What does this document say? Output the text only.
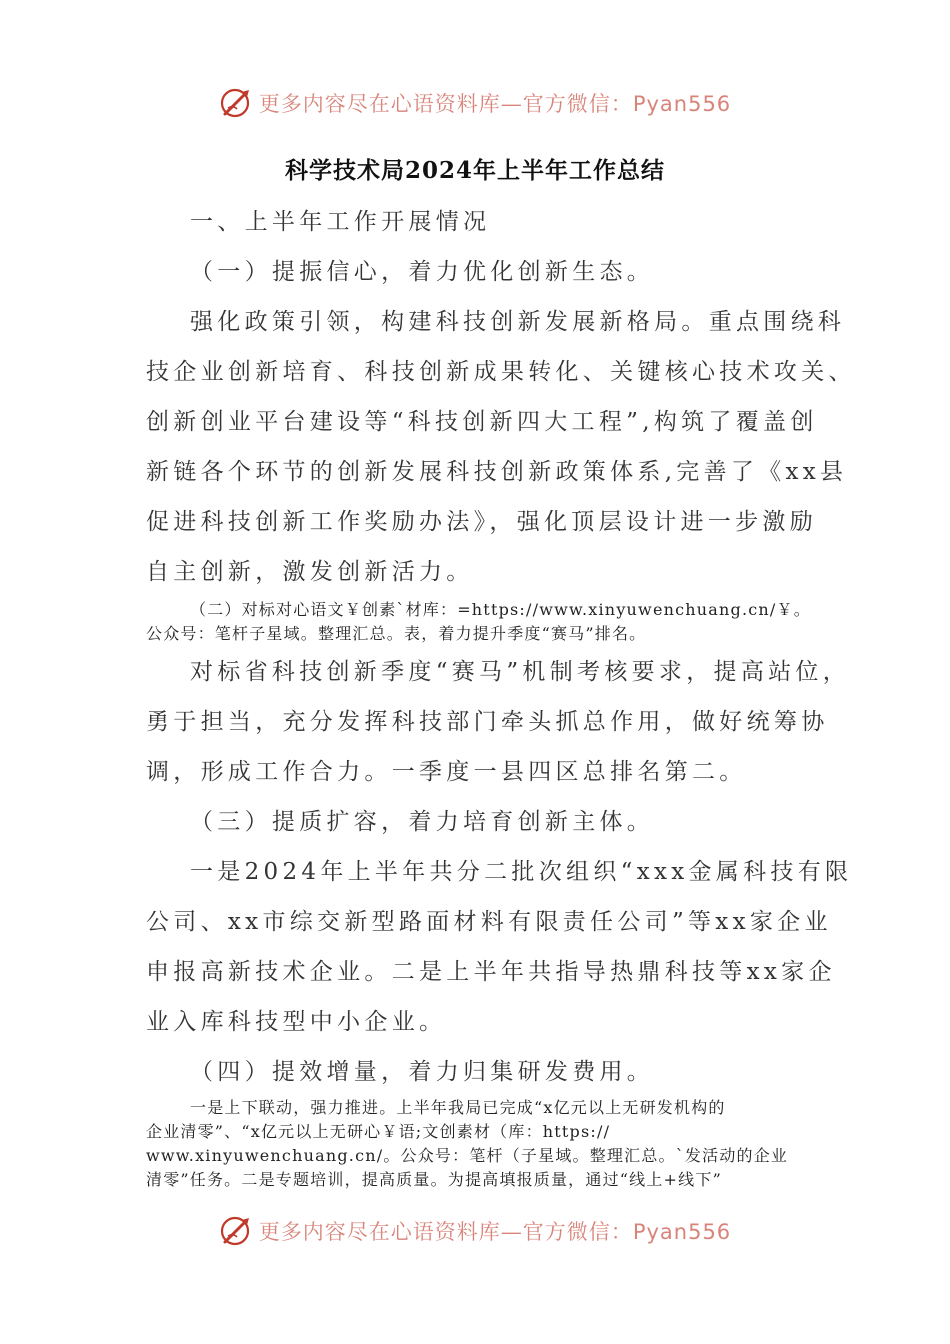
更多内容尽在心语资料库—官方微信：Pyan556
科学技术局2024年上半年工作总结
一、上半年工作开展情况
（一）提振信心，着力优化创新生态。
强化政策引领，构建科技创新发展新格局。重点围绕科
技企业创新培育、科技创新成果转化、关键核心技术攻关、
创新创业平台建设等“科技创新四大工程”,构筑了覆盖创
新链各个环节的创新发展科技创新政策体系,完善了《xx县
促进科技创新工作奖励办法》，强化顶层设计进一步激励
自主创新，激发创新活力。
（二）对标对心语文￥创素`材库：=https://www.xinyuwenchuang.cn/￥。
公众号：笔杆子星域。整理汇总。表，着力提升季度“赛马”排名。
对标省科技创新季度“赛马”机制考核要求，提高站位，
勇于担当，充分发挥科技部门牵头抓总作用，做好统筹协
调，形成工作合力。一季度一县四区总排名第二。
（三）提质扩容，着力培育创新主体。
一是2024年上半年共分二批次组织“xxx金属科技有限
公司、xx市综交新型路面材料有限责任公司”等xx家企业
申报高新技术企业。二是上半年共指导热鼎科技等xx家企
业入库科技型中小企业。
（四）提效增量，着力归集研发费用。
一是上下联动，强力推进。上半年我局已完成“x亿元以上无研发机构的
企业清零”、“x亿元以上无研心￥语;文创素材（库：https://
www.xinyuwenchuang.cn/。公众号：笔杆（子星域。整理汇总。`发活动的企业
清零”任务。二是专题培训，提高质量。为提高填报质量，通过“线上+线下”
更多内容尽在心语资料库—官方微信：Pyan556
